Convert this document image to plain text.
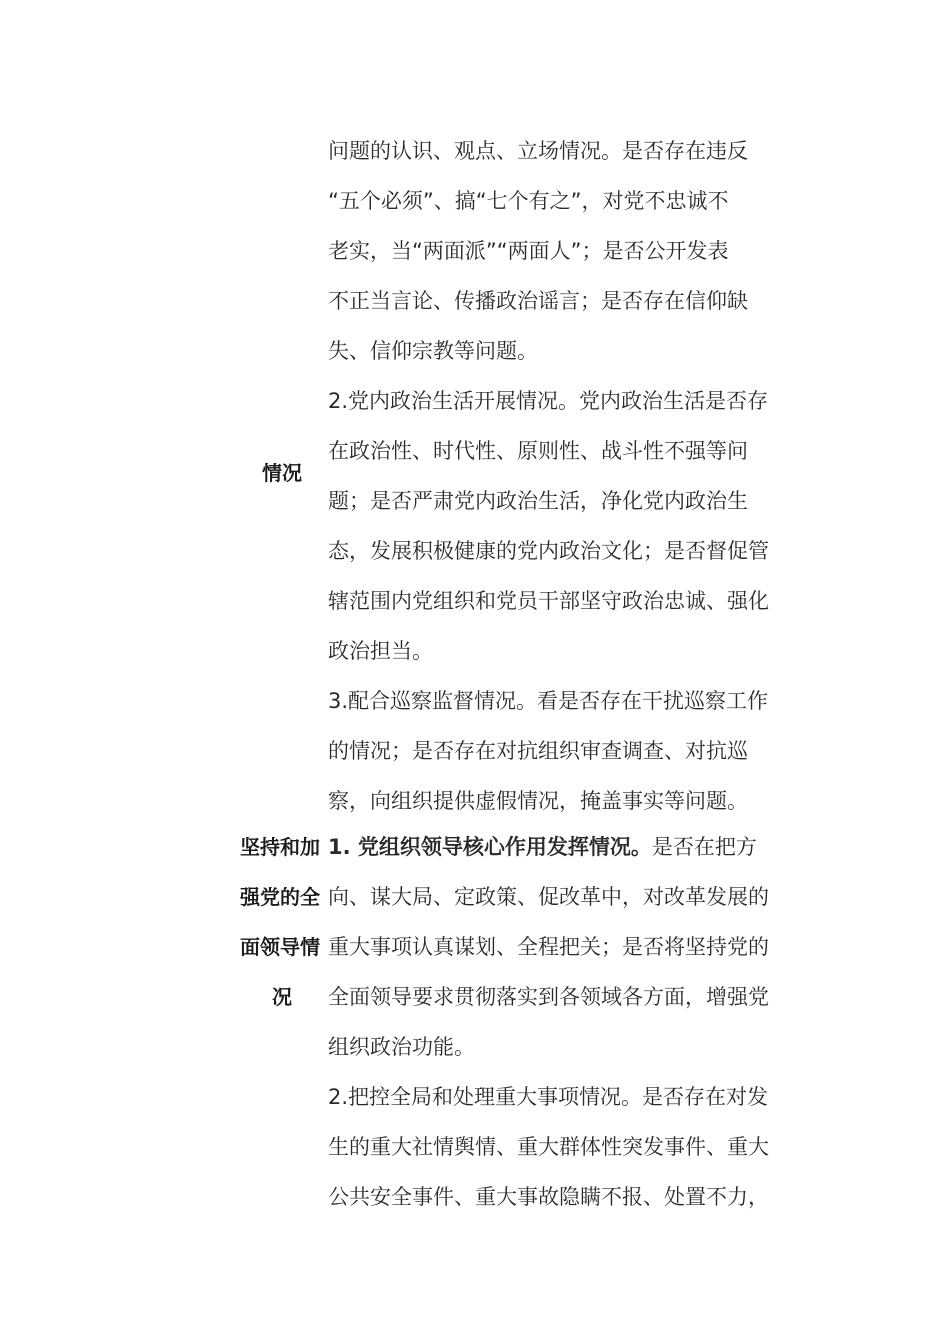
情况
坚持和加
强党的全
面领导情
况
问题的认识、观点、立场情况。是否存在违反
“五个必须”、搞“七个有之”，对党不忠诚不
老实，当“两面派”“两面人”；是否公开发表
不正当言论、传播政治谣言；是否存在信仰缺
失、信仰宗教等问题。
2.党内政治生活开展情况。党内政治生活是否存
在政治性、时代性、原则性、战斗性不强等问
题；是否严肃党内政治生活，净化党内政治生
态，发展积极健康的党内政治文化；是否督促管
辖范围内党组织和党员干部坚守政治忠诚、强化
政治担当。
3.配合巡察监督情况。看是否存在干扰巡察工作
的情况；是否存在对抗组织审查调查、对抗巡
察，向组织提供虚假情况，掩盖事实等问题。
1. 党组织领导核心作用发挥情况。是否在把方
向、谋大局、定政策、促改革中，对改革发展的
重大事项认真谋划、全程把关；是否将坚持党的
全面领导要求贯彻落实到各领域各方面，增强党
组织政治功能。
2.把控全局和处理重大事项情况。是否存在对发
生的重大社情舆情、重大群体性突发事件、重大
公共安全事件、重大事故隐瞒不报、处置不力，
